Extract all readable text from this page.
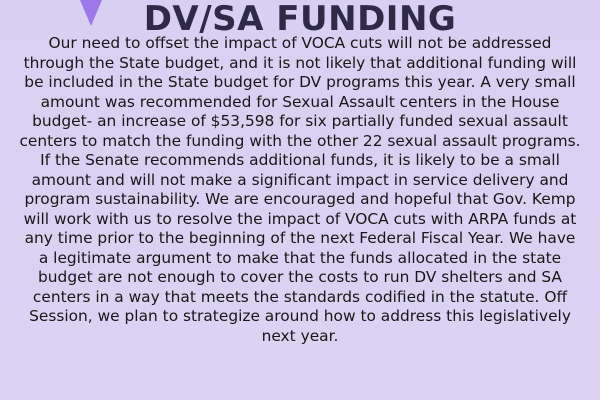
DV/SA FUNDING
Our need to offset the impact of VOCA cuts will not be addressed
through the State budget, and it is not likely that additional funding will
be included in the State budget for DV programs this year. A very small
amount was recommended for Sexual Assault centers in the House
budget- an increase of $53,598 for six partially funded sexual assault
centers to match the funding with the other 22 sexual assault programs.
If the Senate recommends additional funds, it is likely to be a small
amount and will not make a significant impact in service delivery and
program sustainability. We are encouraged and hopeful that Gov. Kemp
will work with us to resolve the impact of VOCA cuts with ARPA funds at
any time prior to the beginning of the next Federal Fiscal Year. We have
a legitimate argument to make that the funds allocated in the state
budget are not enough to cover the costs to run DV shelters and SA
centers in a way that meets the standards codified in the statute. Off
Session, we plan to strategize around how to address this legislatively
next year.
